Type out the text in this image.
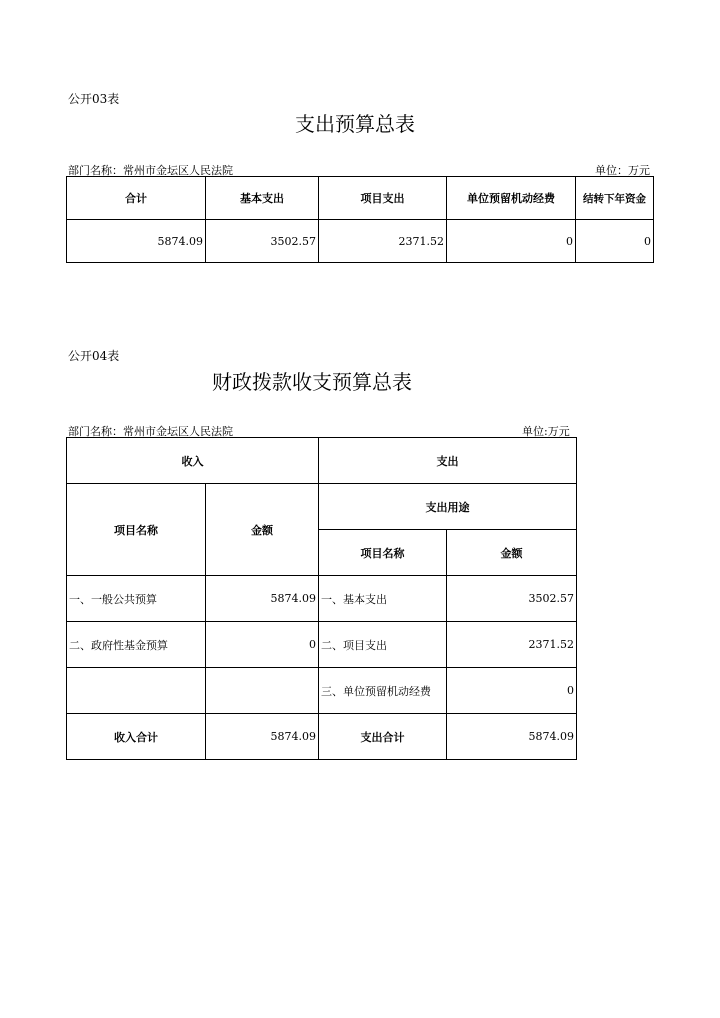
公开03表
支出预算总表
部门名称：常州市金坛区人民法院	单位：万元
合计	基本支出	项目支出	单位预留机动经费	结转下年资金
5874.09	3502.57	2371.52	0	0
公开04表
财政拨款收支预算总表
部门名称：常州市金坛区人民法院	单位:万元
收入		支出	
项目名称	金额	支出用途	
		项目名称	金额
一、一般公共预算	5874.09	一、基本支出	3502.57
二、政府性基金预算	0	二、项目支出	2371.52
		三、单位预留机动经费	0
收入合计	5874.09	支出合计	5874.09
